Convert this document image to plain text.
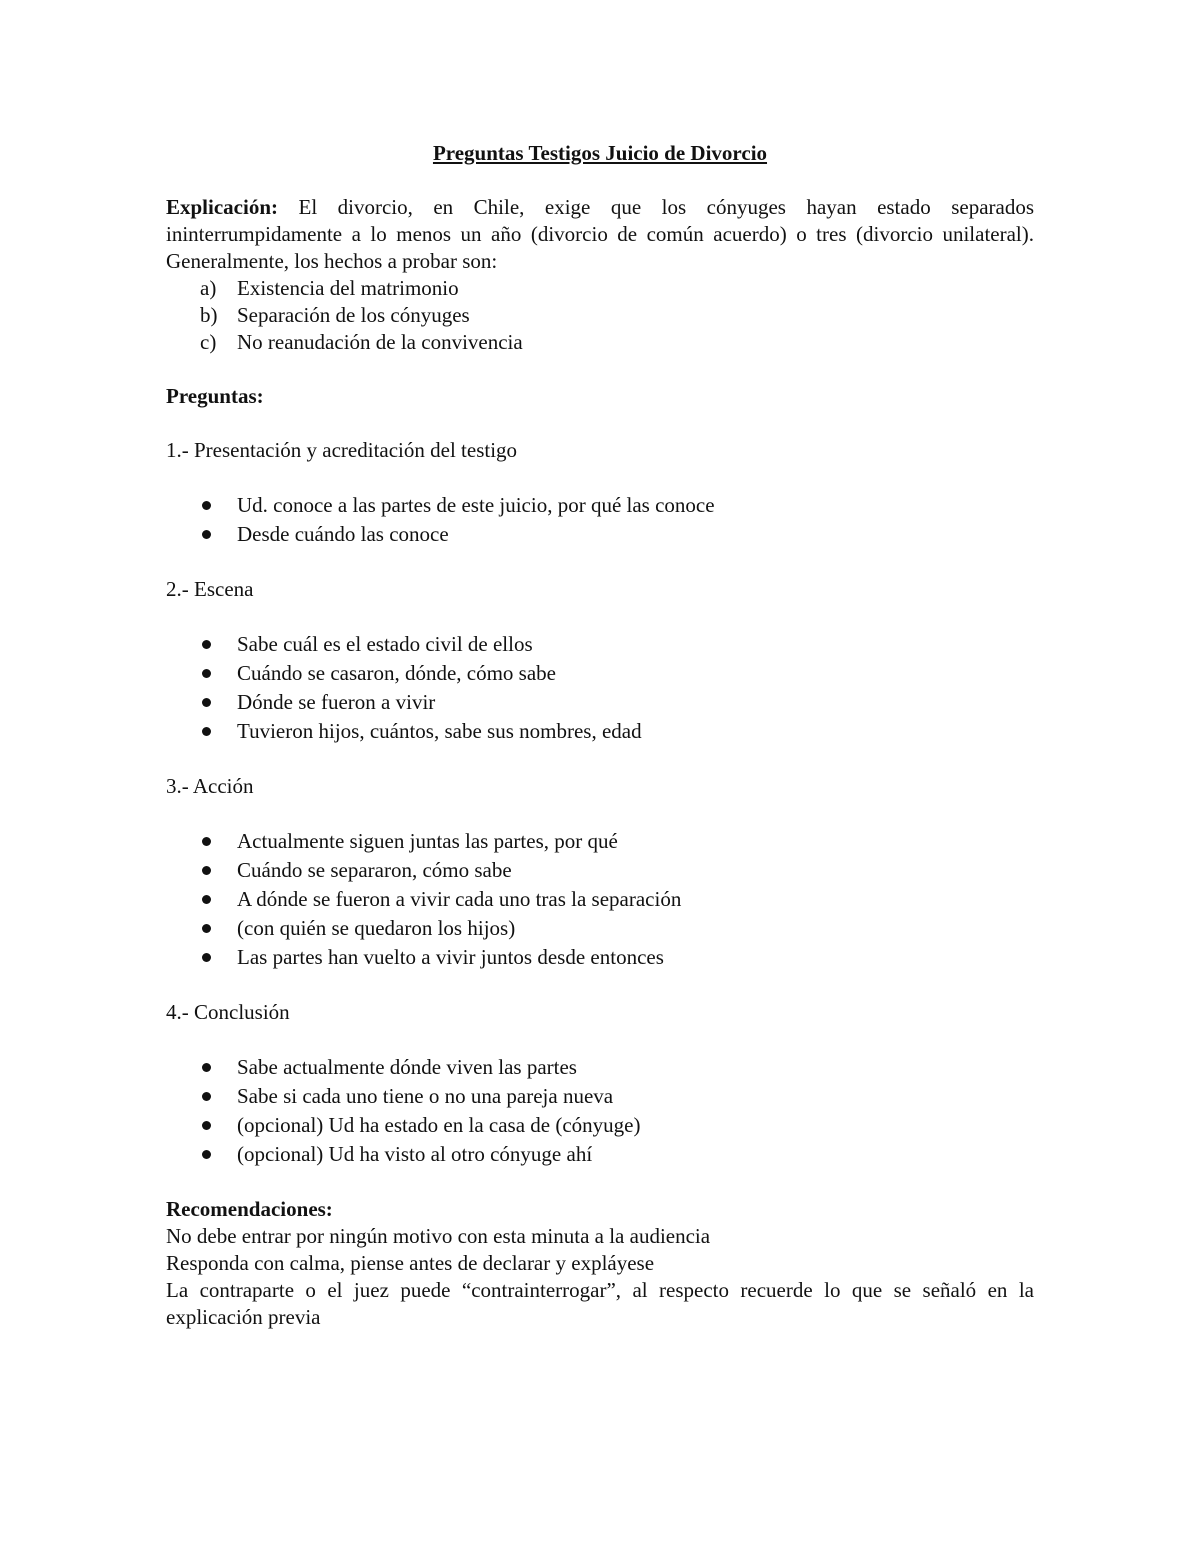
Preguntas Testigos Juicio de Divorcio

Explicación: El divorcio, en Chile, exige que los cónyuges hayan estado separados ininterrumpidamente a lo menos un año (divorcio de común acuerdo) o tres (divorcio unilateral). Generalmente, los hechos a probar son:

a) Existencia del matrimonio
b) Separación de los cónyuges
c) No reanudación de la convivencia

Preguntas:

1.- Presentación y acreditación del testigo

Ud. conoce a las partes de este juicio, por qué las conoce
Desde cuándo las conoce

2.- Escena

Sabe cuál es el estado civil de ellos
Cuándo se casaron, dónde, cómo sabe
Dónde se fueron a vivir
Tuvieron hijos, cuántos, sabe sus nombres, edad

3.- Acción

Actualmente siguen juntas las partes, por qué
Cuándo se separaron, cómo sabe
A dónde se fueron a vivir cada uno tras la separación
(con quién se quedaron los hijos)
Las partes han vuelto a vivir juntos desde entonces

4.- Conclusión

Sabe actualmente dónde viven las partes
Sabe si cada uno tiene o no una pareja nueva
(opcional) Ud ha estado en la casa de (cónyuge)
(opcional) Ud ha visto al otro cónyuge ahí

Recomendaciones:

No debe entrar por ningún motivo con esta minuta a la audiencia

Responda con calma, piense antes de declarar y expláyese

La contraparte o el juez puede “contrainterrogar”, al respecto recuerde lo que se señaló en la explicación previa
